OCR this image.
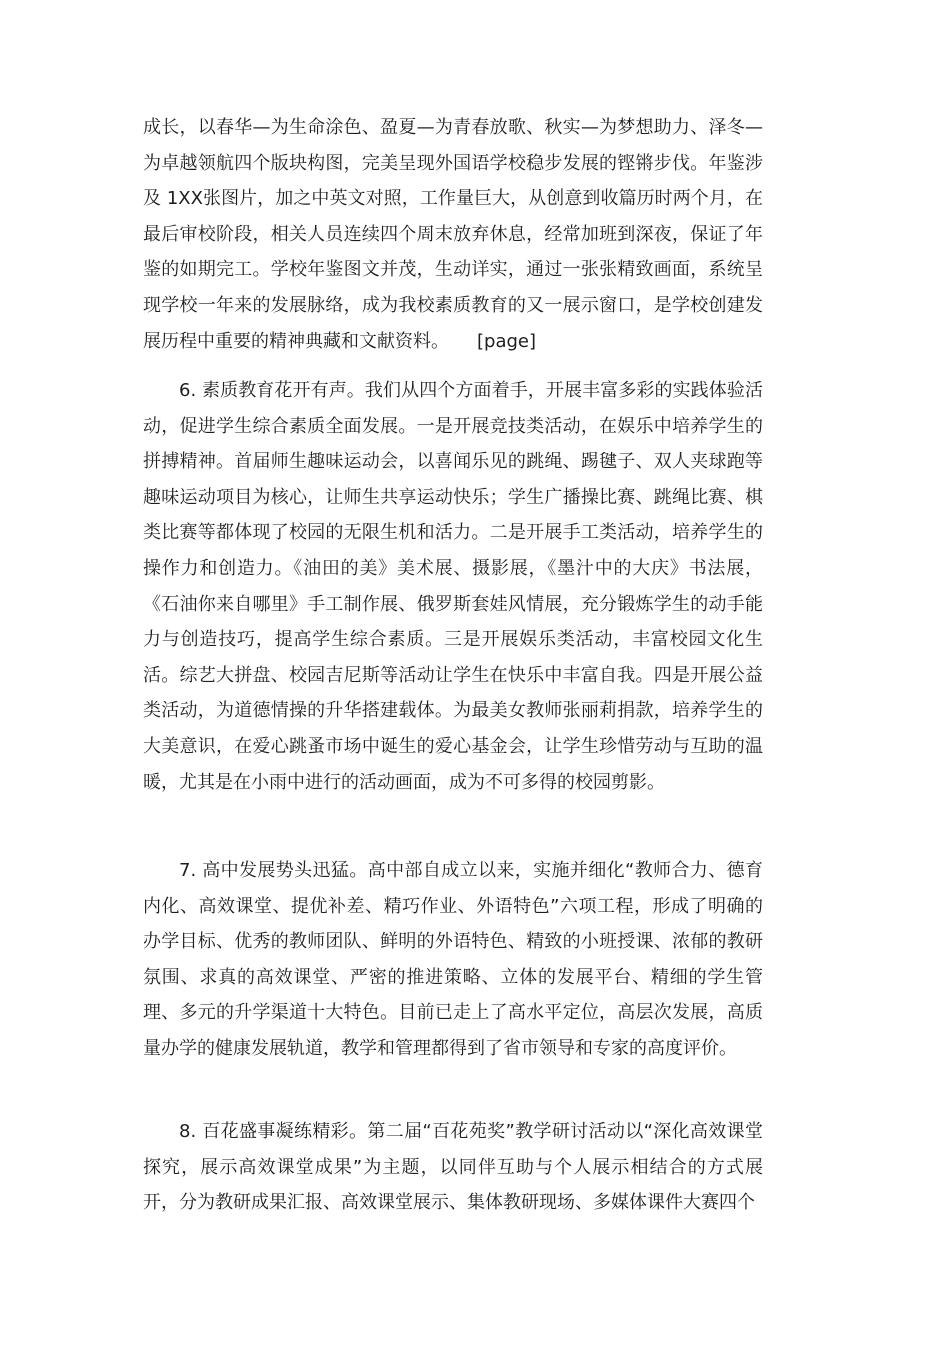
成长，以春华—为生命涂色、盈夏—为青春放歌、秋实—为梦想助力、泽冬—为卓越领航四个版块构图，完美呈现外国语学校稳步发展的铿锵步伐。年鉴涉及 1XX张图片，加之中英文对照，工作量巨大，从创意到收篇历时两个月，在最后审校阶段，相关人员连续四个周末放弃休息，经常加班到深夜，保证了年鉴的如期完工。学校年鉴图文并茂，生动详实，通过一张张精致画面，系统呈现学校一年来的发展脉络，成为我校素质教育的又一展示窗口，是学校创建发展历程中重要的精神典藏和文献资料。 [page]

6. 素质教育花开有声。我们从四个方面着手，开展丰富多彩的实践体验活动，促进学生综合素质全面发展。一是开展竞技类活动，在娱乐中培养学生的拼搏精神。首届师生趣味运动会，以喜闻乐见的跳绳、踢毽子、双人夹球跑等趣味运动项目为核心，让师生共享运动快乐；学生广播操比赛、跳绳比赛、棋类比赛等都体现了校园的无限生机和活力。二是开展手工类活动，培养学生的操作力和创造力。《油田的美》美术展、摄影展，《墨汁中的大庆》书法展，《石油你来自哪里》手工制作展、俄罗斯套娃风情展，充分锻炼学生的动手能力与创造技巧，提高学生综合素质。三是开展娱乐类活动，丰富校园文化生活。综艺大拼盘、校园吉尼斯等活动让学生在快乐中丰富自我。四是开展公益类活动，为道德情操的升华搭建载体。为最美女教师张丽莉捐款，培养学生的大美意识，在爱心跳蚤市场中诞生的爱心基金会，让学生珍惜劳动与互助的温暖，尤其是在小雨中进行的活动画面，成为不可多得的校园剪影。

7. 高中发展势头迅猛。高中部自成立以来，实施并细化“教师合力、德育内化、高效课堂、提优补差、精巧作业、外语特色”六项工程，形成了明确的办学目标、优秀的教师团队、鲜明的外语特色、精致的小班授课、浓郁的教研氛围、求真的高效课堂、严密的推进策略、立体的发展平台、精细的学生管理、多元的升学渠道十大特色。目前已走上了高水平定位，高层次发展，高质量办学的健康发展轨道，教学和管理都得到了省市领导和专家的高度评价。

8. 百花盛事凝练精彩。第二届“百花苑奖”教学研讨活动以“深化高效课堂探究，展示高效课堂成果”为主题，以同伴互助与个人展示相结合的方式展开，分为教研成果汇报、高效课堂展示、集体教研现场、多媒体课件大赛四个
